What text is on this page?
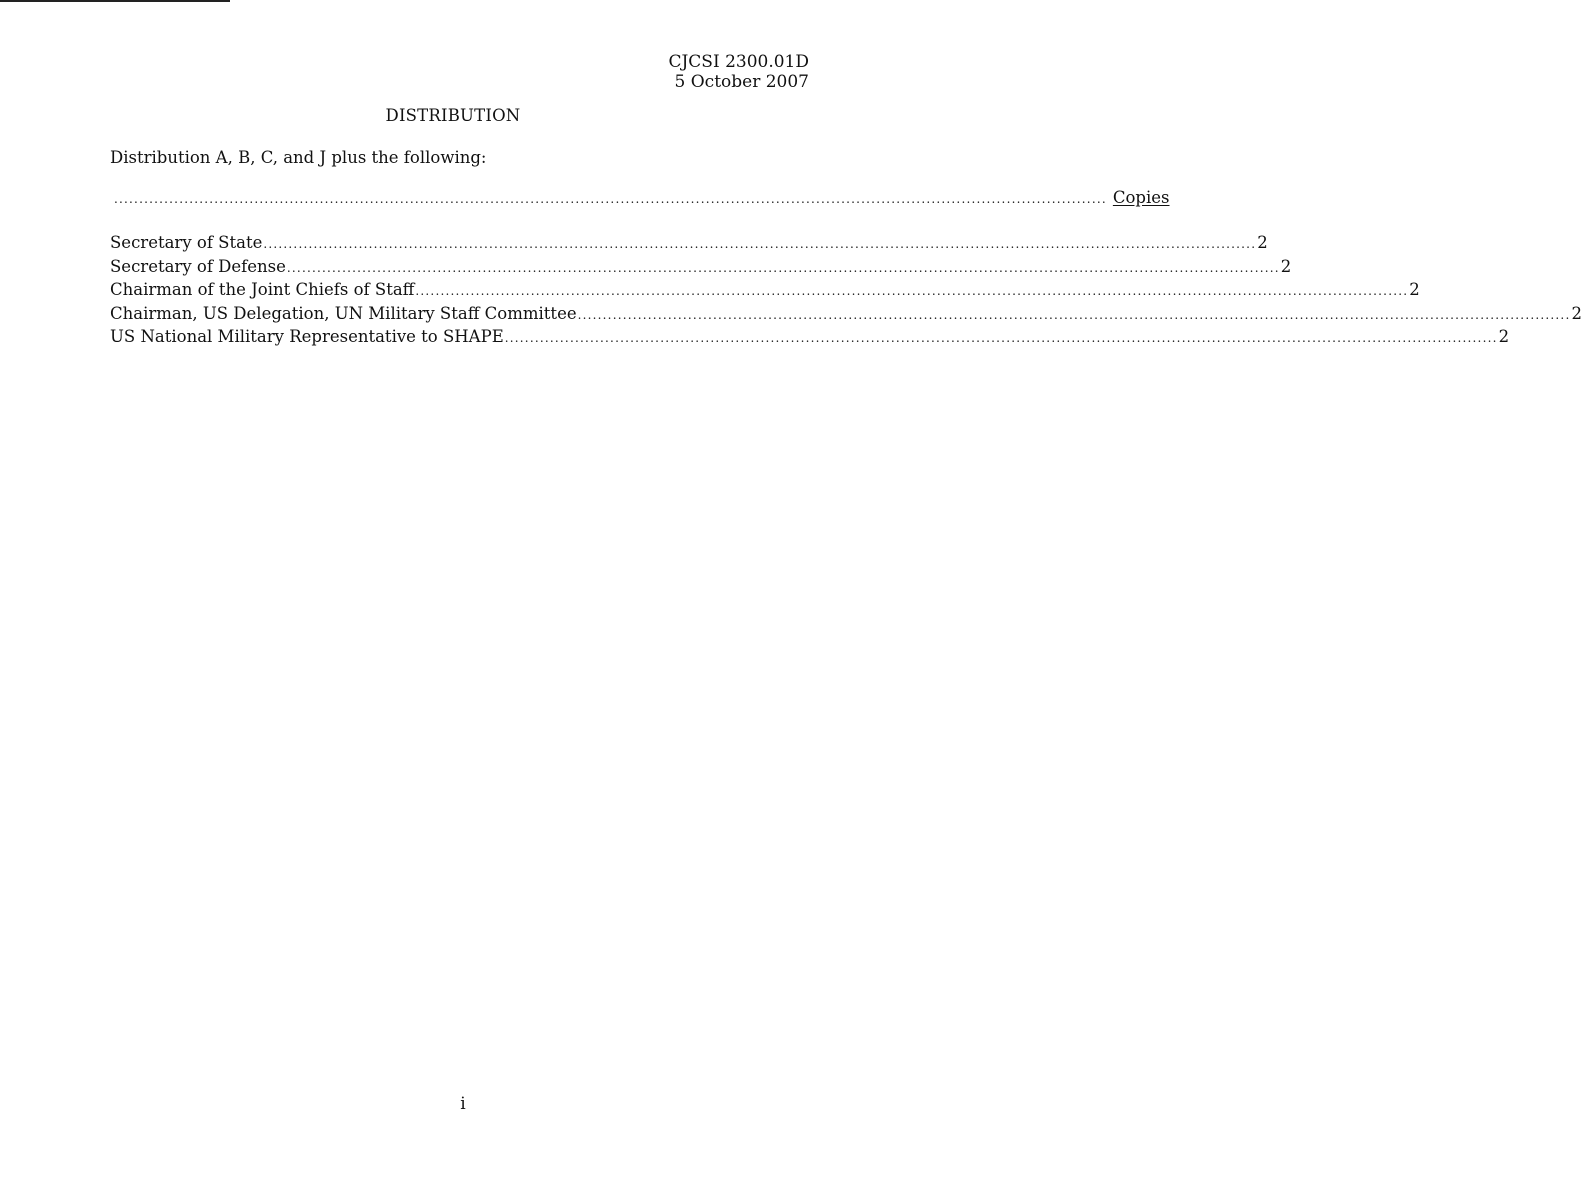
CJCSI 2300.01D
5 October 2007
DISTRIBUTION
Distribution A, B, C, and J plus the following:
...................................................................................................................................................................................................... Copies
Secretary of State ...................................................................................................................................................................................................... 2
Secretary of Defense ...................................................................................................................................................................................................... 2
Chairman of the Joint Chiefs of Staff ...................................................................................................................................................................................................... 2
Chairman, US Delegation, UN Military Staff Committee ...................................................................................................................................................................................................... 2
US National Military Representative to SHAPE ...................................................................................................................................................................................................... 2
i
